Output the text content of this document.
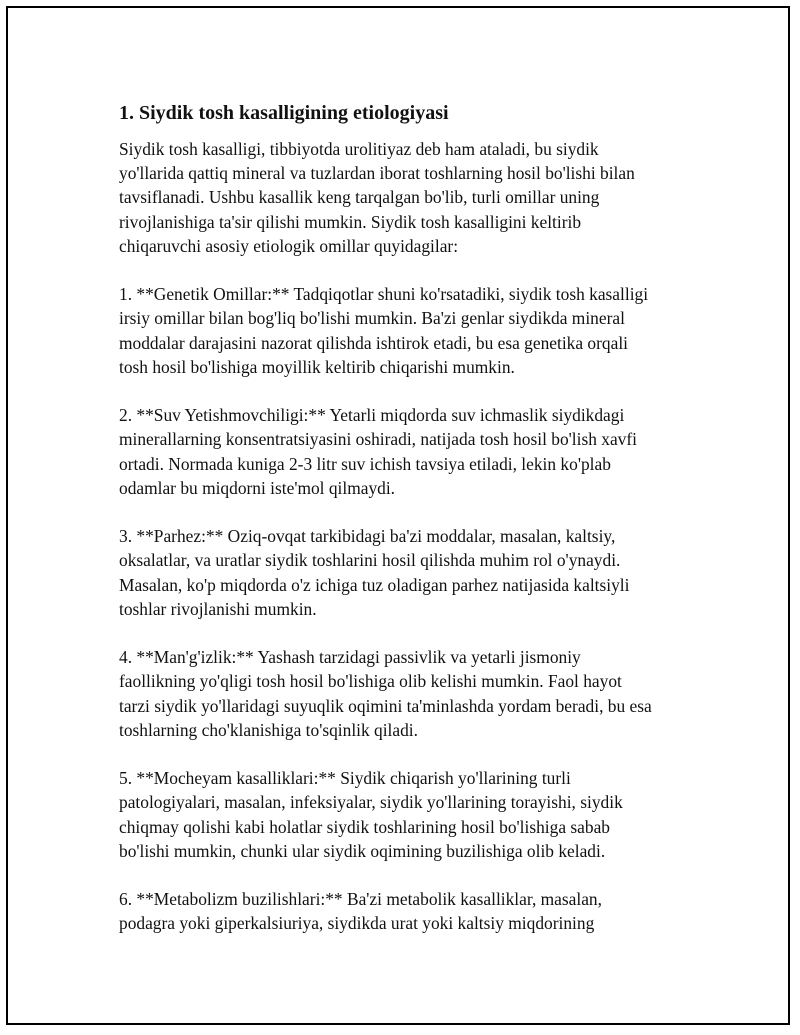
1. Siydik tosh kasalligining etiologiyasi
Siydik tosh kasalligi, tibbiyotda urolitiyaz deb ham ataladi, bu siydik
yo'llarida qattiq mineral va tuzlardan iborat toshlarning hosil bo'lishi bilan
tavsiflanadi. Ushbu kasallik keng tarqalgan bo'lib, turli omillar uning
rivojlanishiga ta'sir qilishi mumkin. Siydik tosh kasalligini keltirib
chiqaruvchi asosiy etiologik omillar quyidagilar:
1. **Genetik Omillar:** Tadqiqotlar shuni ko'rsatadiki, siydik tosh kasalligi
irsiy omillar bilan bog'liq bo'lishi mumkin. Ba'zi genlar siydikda mineral
moddalar darajasini nazorat qilishda ishtirok etadi, bu esa genetika orqali
tosh hosil bo'lishiga moyillik keltirib chiqarishi mumkin.
2. **Suv Yetishmovchiligi:** Yetarli miqdorda suv ichmaslik siydikdagi
minerallarning konsentratsiyasini oshiradi, natijada tosh hosil bo'lish xavfi
ortadi. Normada kuniga 2-3 litr suv ichish tavsiya etiladi, lekin ko'plab
odamlar bu miqdorni iste'mol qilmaydi.
3. **Parhez:** Oziq-ovqat tarkibidagi ba'zi moddalar, masalan, kaltsiy,
oksalatlar, va uratlar siydik toshlarini hosil qilishda muhim rol o'ynaydi.
Masalan, ko'p miqdorda o'z ichiga tuz oladigan parhez natijasida kaltsiyli
toshlar rivojlanishi mumkin.
4. **Man'g'izlik:** Yashash tarzidagi passivlik va yetarli jismoniy
faollikning yo'qligi tosh hosil bo'lishiga olib kelishi mumkin. Faol hayot
tarzi siydik yo'llaridagi suyuqlik oqimini ta'minlashda yordam beradi, bu esa
toshlarning cho'klanishiga to'sqinlik qiladi.
5. **Mocheyam kasalliklari:** Siydik chiqarish yo'llarining turli
patologiyalari, masalan, infeksiyalar, siydik yo'llarining torayishi, siydik
chiqmay qolishi kabi holatlar siydik toshlarining hosil bo'lishiga sabab
bo'lishi mumkin, chunki ular siydik oqimining buzilishiga olib keladi.
6. **Metabolizm buzilishlari:** Ba'zi metabolik kasalliklar, masalan,
podagra yoki giperkalsiuriya, siydikda urat yoki kaltsiy miqdorining
